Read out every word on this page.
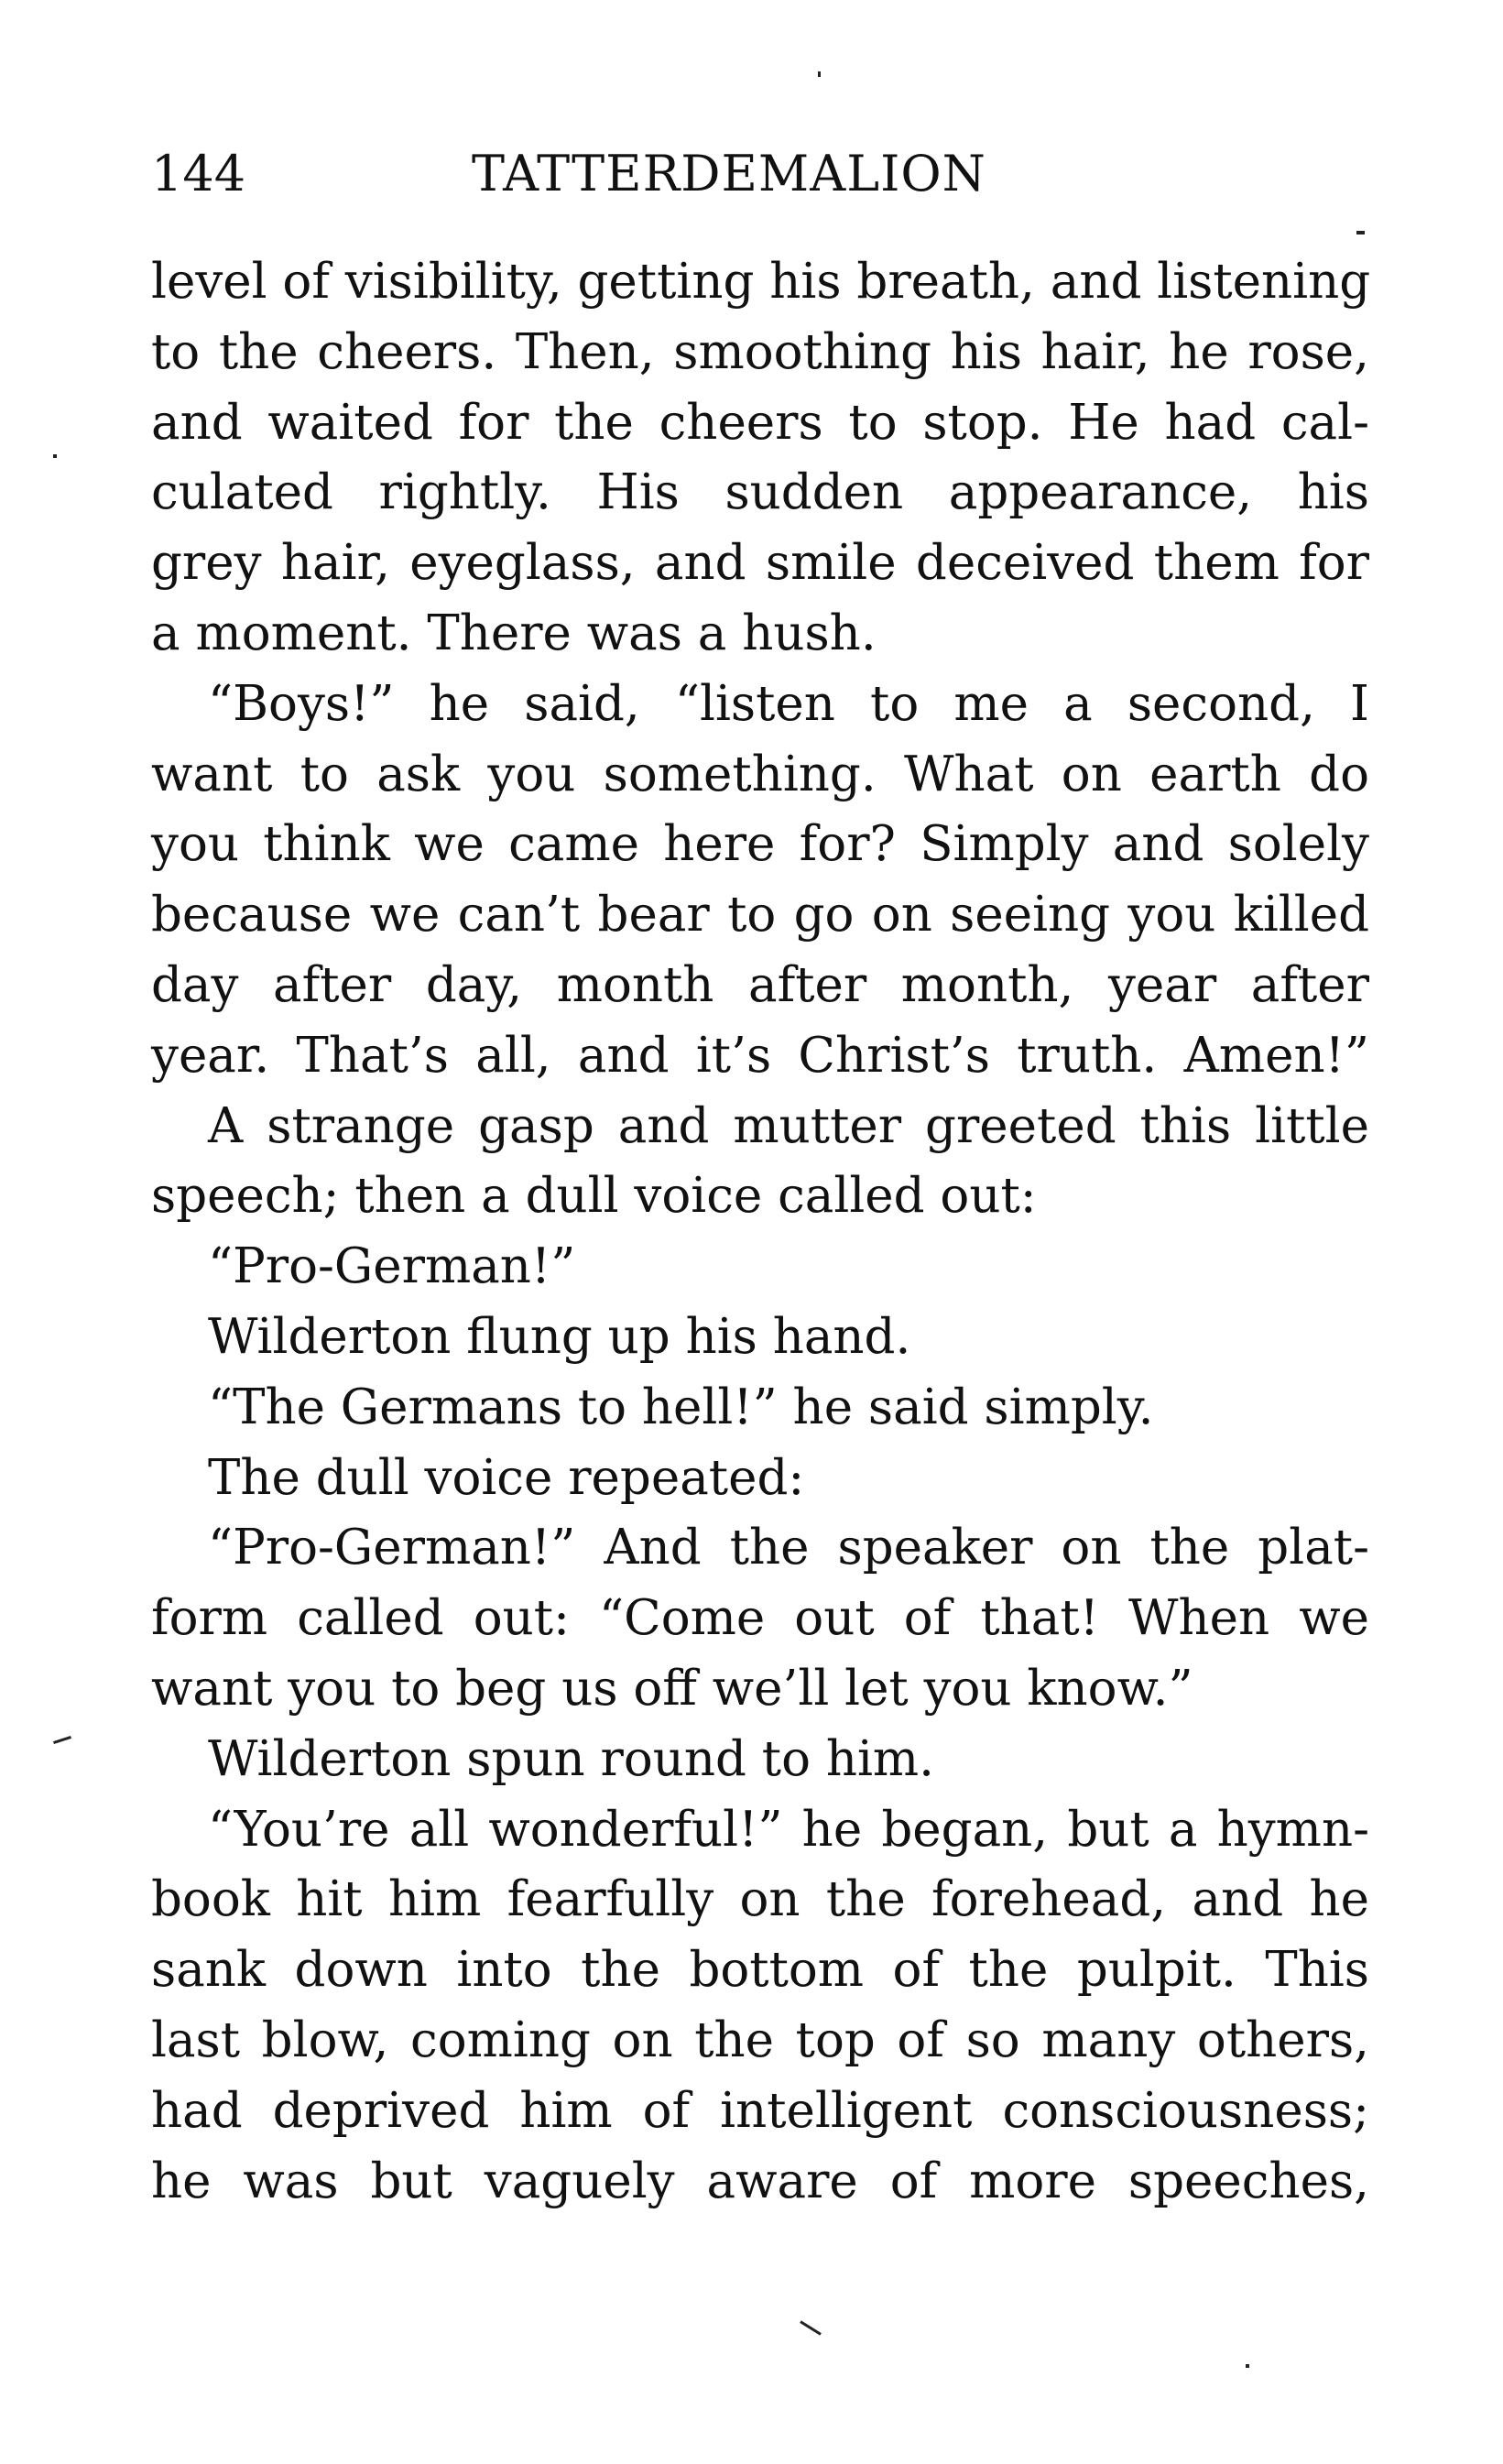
144	TATTERDEMALION
level of visibility, getting his breath, and listening
to the cheers. Then, smoothing his hair, he rose,
and waited for the cheers to stop. He had cal-
culated rightly. His sudden appearance, his
grey hair, eyeglass, and smile deceived them for
a moment. There was a hush.
“Boys!” he said, “listen to me a second, I
want to ask you something. What on earth do
you think we came here for? Simply and solely
because we can’t bear to go on seeing you killed
day after day, month after month, year after
year. That’s all, and it’s Christ’s truth. Amen!”
A strange gasp and mutter greeted this little
speech; then a dull voice called out:
“Pro-German!”
Wilderton flung up his hand.
“The Germans to hell!” he said simply.
The dull voice repeated:
“Pro-German!” And the speaker on the plat-
form called out: “Come out of that! When we
want you to beg us off we’ll let you know.”
Wilderton spun round to him.
“You’re all wonderful!” he began, but a hymn-
book hit him fearfully on the forehead, and he
sank down into the bottom of the pulpit. This
last blow, coming on the top of so many others,
had deprived him of intelligent consciousness;
he was but vaguely aware of more speeches,
